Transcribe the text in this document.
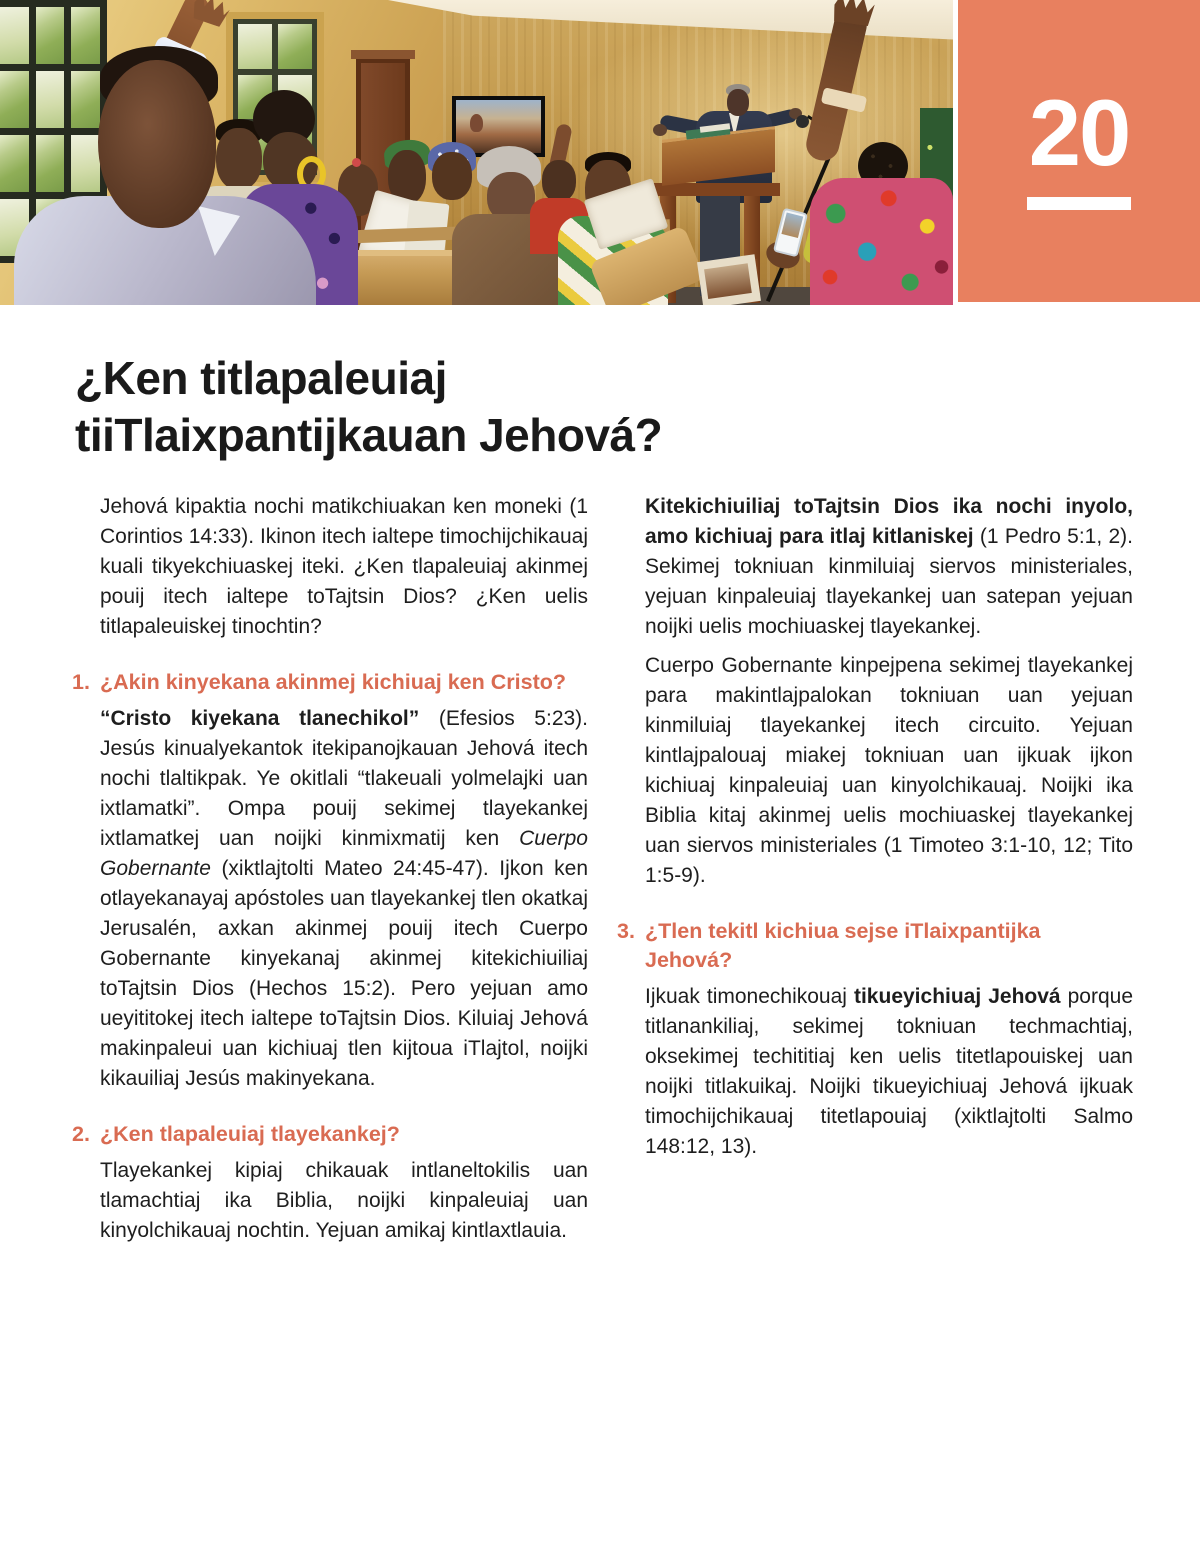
20
¿Ken titlapaleuiaj tiiTlaixpantijkauan Jehová?

Jehová kipaktia nochi matikchiuakan ken moneki (1 Corintios 14:33). Ikinon itech ialtepe timochijchikauaj kuali tikyekchiuaskej iteki. ¿Ken tlapaleuiaj akinmej pouij itech ialtepe toTajtsin Dios? ¿Ken uelis titlapaleuiskej tinochtin?

1. ¿Akin kinyekana akinmej kichiuaj ken Cristo?

“Cristo kiyekana tlanechikol” (Efesios 5:23). Jesús kinualyekantok itekipanojkauan Jehová itech nochi tlaltikpak. Ye okitlali “tlakeuali yolmelajki uan ixtlamatki”. Ompa pouij sekimej tlayekankej ixtlamatkej uan noijki kinmixmatij ken Cuerpo Gobernante (xiktlajtolti Mateo 24:45-47). Ijkon ken otlayekanayaj apóstoles uan tlayekankej tlen okatkaj Jerusalén, axkan akinmej pouij itech Cuerpo Gobernante kinyekanaj akinmej kitekichiuiliaj toTajtsin Dios (Hechos 15:2). Pero yejuan amo ueyititokej itech ialtepe toTajtsin Dios. Kiluiaj Jehová makinpaleui uan kichiuaj tlen kijtoua iTlajtol, noijki kikauiliaj Jesús makinyekana.

2. ¿Ken tlapaleuiaj tlayekankej?

Tlayekankej kipiaj chikauak intlaneltokilis uan tlamachtiaj ika Biblia, noijki kinpaleuiaj uan kinyolchikauaj nochtin. Yejuan amikaj kintlaxtlauia.

Kitekichiuiliaj toTajtsin Dios ika nochi inyolo, amo kichiuaj para itlaj kitlaniskej (1 Pedro 5:1, 2). Sekimej tokniuan kinmiluiaj siervos ministeriales, yejuan kinpaleuiaj tlayekankej uan satepan yejuan noijki uelis mochiuaskej tlayekankej.

Cuerpo Gobernante kinpejpena sekimej tlayekankej para makintlajpalokan tokniuan uan yejuan kinmiluiaj tlayekankej itech circuito. Yejuan kintlajpalouaj miakej tokniuan uan ijkuak ijkon kichiuaj kinpaleuiaj uan kinyolchikauaj. Noijki ika Biblia kitaj akinmej uelis mochiuaskej tlayekankej uan siervos ministeriales (1 Timoteo 3:1-10, 12; Tito 1:5-9).

3. ¿Tlen tekitl kichiua sejse iTlaixpantijka Jehová?

Ijkuak timonechikouaj tikueyichiuaj Jehová porque titlanankiliaj, sekimej tokniuan techmachtiaj, oksekimej techititiaj ken uelis titetlapouiskej uan noijki titlakuikaj. Noijki tikueyichiuaj Jehová ijkuak timochijchikauaj titetlapouiaj (xiktlajtolti Salmo 148:12, 13).
